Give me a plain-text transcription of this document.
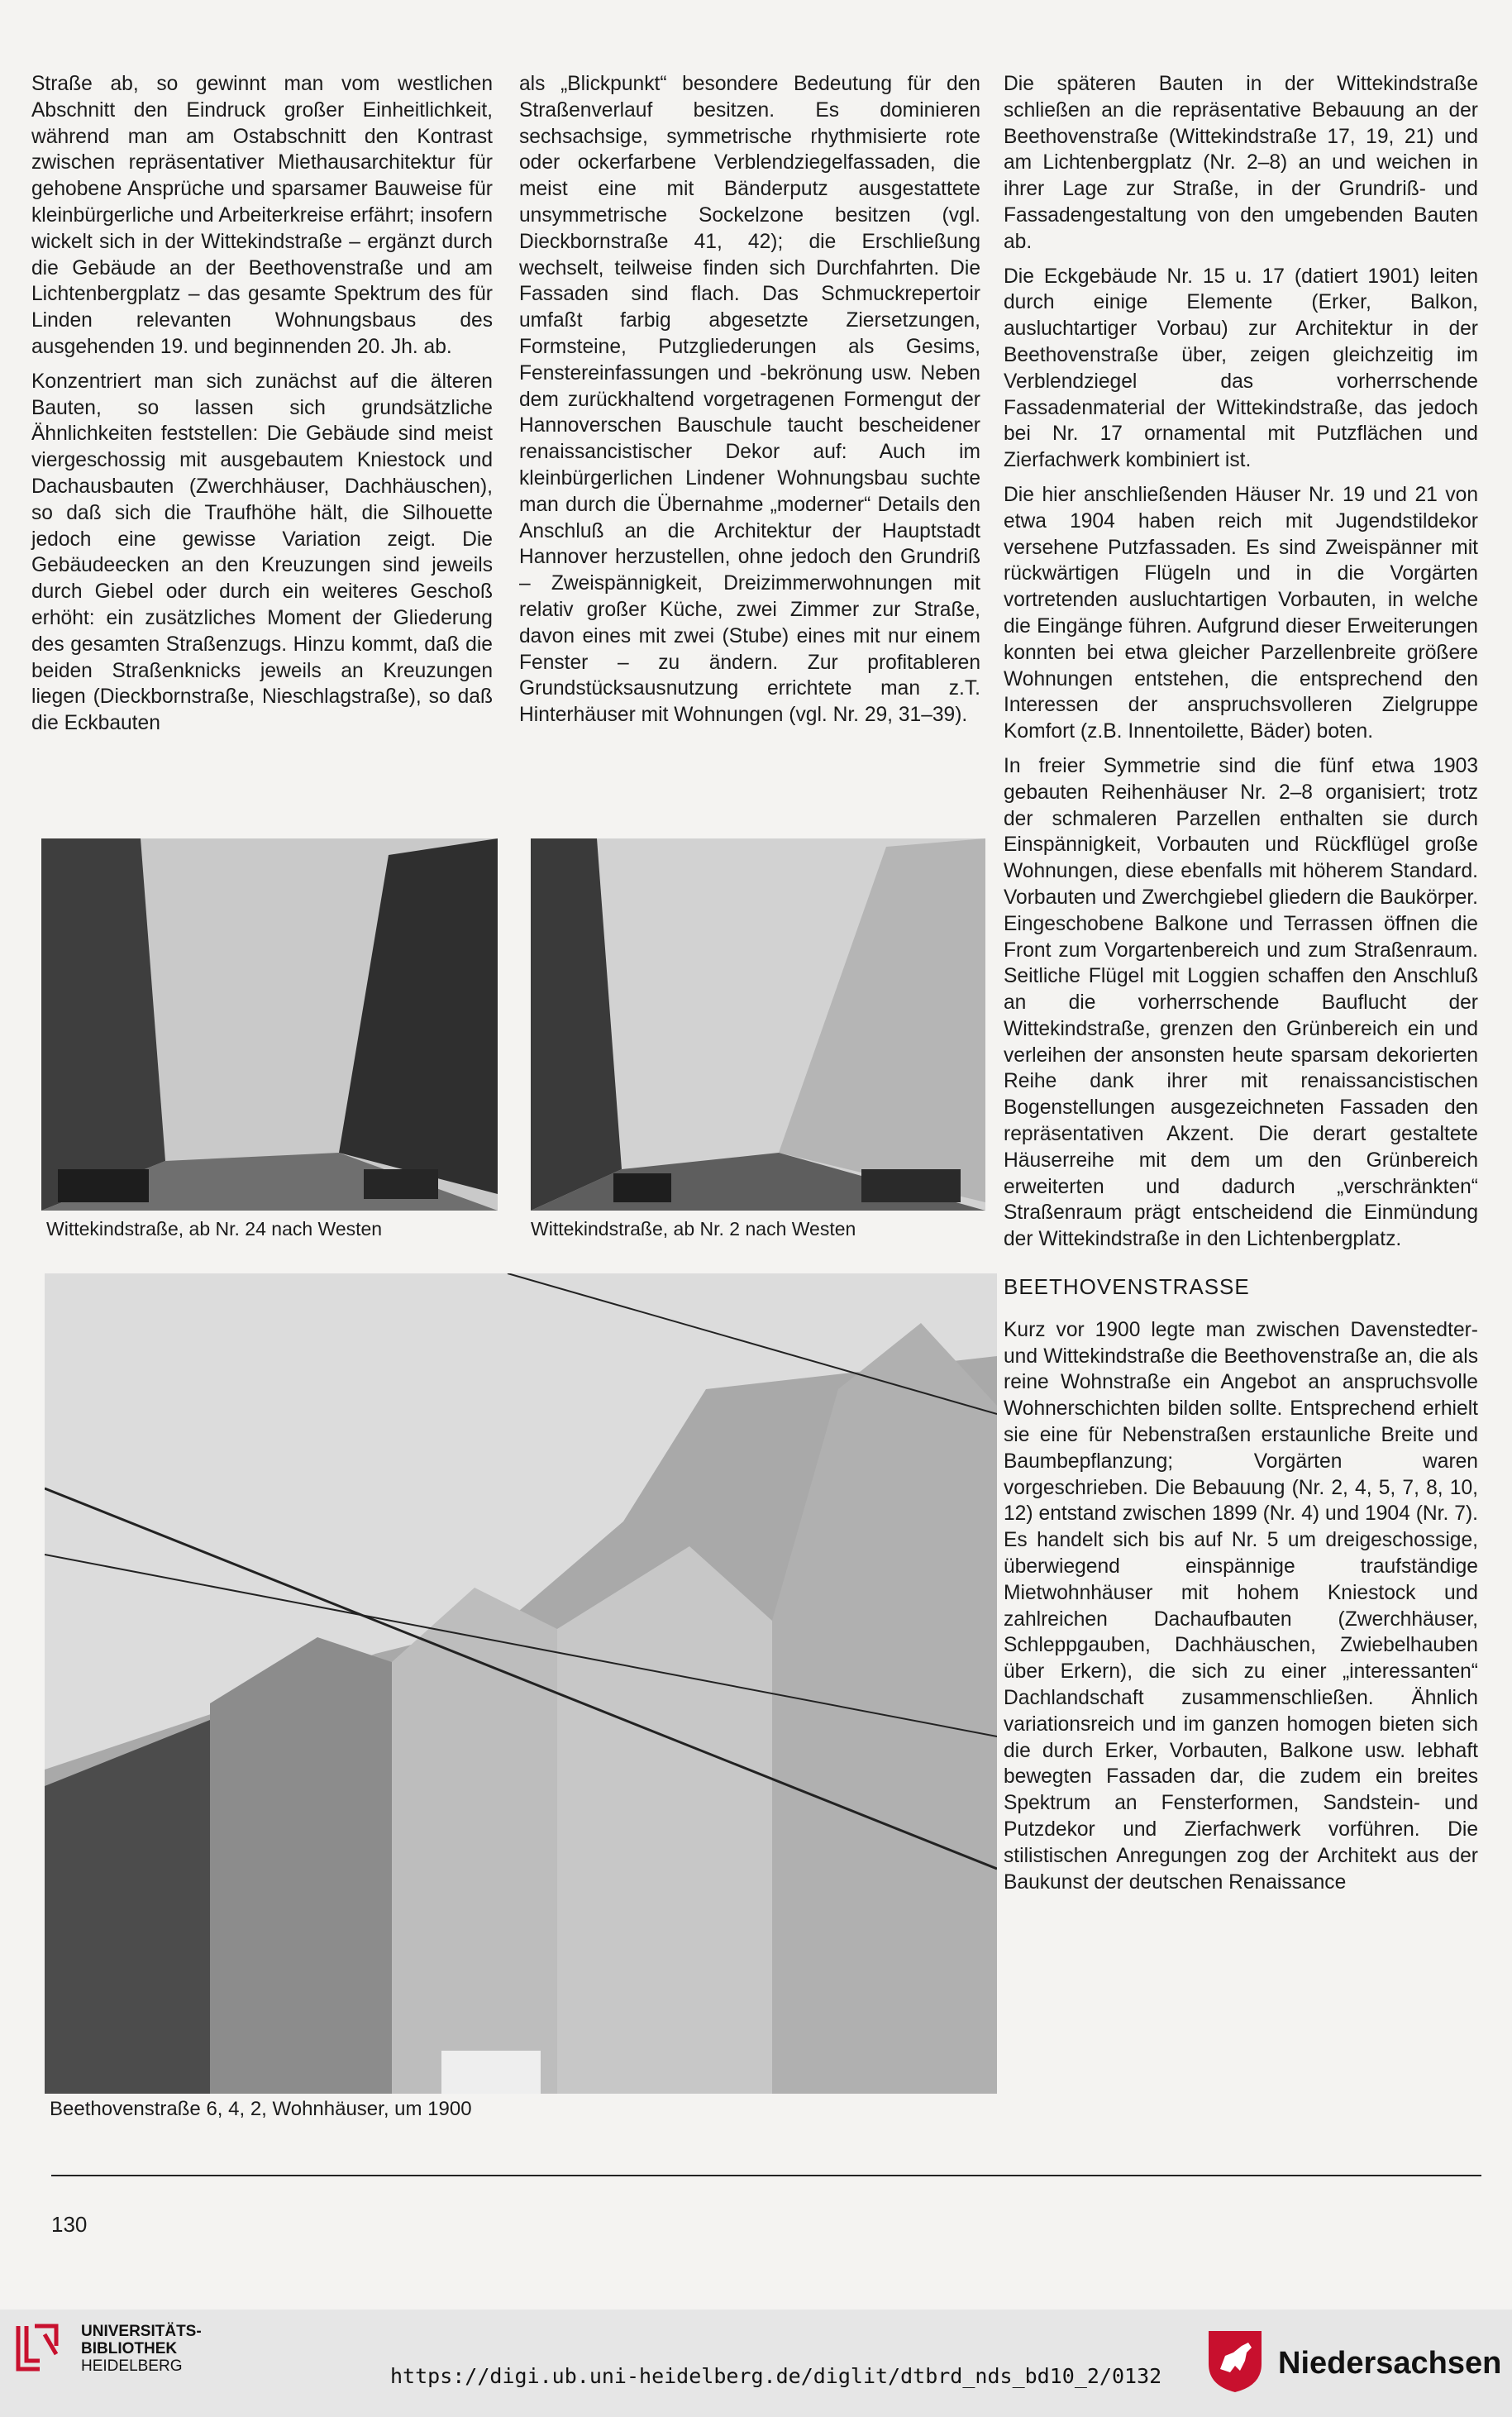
Straße ab, so gewinnt man vom westlichen Abschnitt den Eindruck großer Einheitlichkeit, während man am Ostabschnitt den Kontrast zwischen repräsentativer Miethausarchitektur für gehobene Ansprüche und sparsamer Bauweise für kleinbürgerliche und Arbeiterkreise erfährt; insofern wickelt sich in der Wittekindstraße – ergänzt durch die Gebäude an der Beethovenstraße und am Lichtenbergplatz – das gesamte Spektrum des für Linden relevanten Wohnungsbaus des ausgehenden 19. und beginnenden 20. Jh. ab.

Konzentriert man sich zunächst auf die älteren Bauten, so lassen sich grundsätzliche Ähnlichkeiten feststellen: Die Gebäude sind meist viergeschossig mit ausgebautem Kniestock und Dachausbauten (Zwerchhäuser, Dachhäuschen), so daß sich die Traufhöhe hält, die Silhouette jedoch eine gewisse Variation zeigt. Die Gebäudeecken an den Kreuzungen sind jeweils durch Giebel oder durch ein weiteres Geschoß erhöht: ein zusätzliches Moment der Gliederung des gesamten Straßenzugs. Hinzu kommt, daß die beiden Straßenknicks jeweils an Kreuzungen liegen (Dieckbornstraße, Nieschlagstraße), so daß die Eckbauten

als „Blickpunkt“ besondere Bedeutung für den Straßenverlauf besitzen. Es dominieren sechsachsige, symmetrische rhythmisierte rote oder ockerfarbene Verblendziegelfassaden, die meist eine mit Bänderputz ausgestattete unsymmetrische Sockelzone besitzen (vgl. Dieckbornstraße 41, 42); die Erschließung wechselt, teilweise finden sich Durchfahrten. Die Fassaden sind flach. Das Schmuckrepertoir umfaßt farbig abgesetzte Ziersetzungen, Formsteine, Putzgliederungen als Gesims, Fenstereinfassungen und -bekrönung usw. Neben dem zurückhaltend vorgetragenen Formengut der Hannoverschen Bauschule taucht bescheidener renaissancistischer Dekor auf: Auch im kleinbürgerlichen Lindener Wohnungsbau suchte man durch die Übernahme „moderner“ Details den Anschluß an die Architektur der Hauptstadt Hannover herzustellen, ohne jedoch den Grundriß – Zweispännigkeit, Dreizimmerwohnungen mit relativ großer Küche, zwei Zimmer zur Straße, davon eines mit zwei (Stube) eines mit nur einem Fenster – zu ändern. Zur profitableren Grundstücksausnutzung errichtete man z.T. Hinterhäuser mit Wohnungen (vgl. Nr. 29, 31–39).

Die späteren Bauten in der Wittekindstraße schließen an die repräsentative Bebauung an der Beethovenstraße (Wittekindstraße 17, 19, 21) und am Lichtenbergplatz (Nr. 2–8) an und weichen in ihrer Lage zur Straße, in der Grundriß- und Fassadengestaltung von den umgebenden Bauten ab.

Die Eckgebäude Nr. 15 u. 17 (datiert 1901) leiten durch einige Elemente (Erker, Balkon, ausluchtartiger Vorbau) zur Architektur in der Beethovenstraße über, zeigen gleichzeitig im Verblendziegel das vorherrschende Fassadenmaterial der Wittekindstraße, das jedoch bei Nr. 17 ornamental mit Putzflächen und Zierfachwerk kombiniert ist.

Die hier anschließenden Häuser Nr. 19 und 21 von etwa 1904 haben reich mit Jugendstildekor versehene Putzfassaden. Es sind Zweispänner mit rückwärtigen Flügeln und in die Vorgärten vortretenden ausluchtartigen Vorbauten, in welche die Eingänge führen. Aufgrund dieser Erweiterungen konnten bei etwa gleicher Parzellenbreite größere Wohnungen entstehen, die entsprechend den Interessen der anspruchsvolleren Zielgruppe Komfort (z.B. Innentoilette, Bäder) boten.

In freier Symmetrie sind die fünf etwa 1903 gebauten Reihenhäuser Nr. 2–8 organisiert; trotz der schmaleren Parzellen enthalten sie durch Einspännigkeit, Vorbauten und Rückflügel große Wohnungen, diese ebenfalls mit höherem Standard. Vorbauten und Zwerchgiebel gliedern die Baukörper. Eingeschobene Balkone und Terrassen öffnen die Front zum Vorgartenbereich und zum Straßenraum. Seitliche Flügel mit Loggien schaffen den Anschluß an die vorherrschende Bauflucht der Wittekindstraße, grenzen den Grünbereich ein und verleihen der ansonsten heute sparsam dekorierten Reihe dank ihrer mit renaissancistischen Bogenstellungen ausgezeichneten Fassaden den repräsentativen Akzent. Die derart gestaltete Häuserreihe mit dem um den Grünbereich erweiterten und dadurch „verschränkten“ Straßenraum prägt entscheidend die Einmündung der Wittekindstraße in den Lichtenbergplatz.

BEETHOVENSTRASSE

Kurz vor 1900 legte man zwischen Davenstedter- und Wittekindstraße die Beethovenstraße an, die als reine Wohnstraße ein Angebot an anspruchsvolle Wohnerschichten bilden sollte. Entsprechend erhielt sie eine für Nebenstraßen erstaunliche Breite und Baumbepflanzung; Vorgärten waren vorgeschrieben. Die Bebauung (Nr. 2, 4, 5, 7, 8, 10, 12) entstand zwischen 1899 (Nr. 4) und 1904 (Nr. 7). Es handelt sich bis auf Nr. 5 um dreigeschossige, überwiegend einspännige traufständige Mietwohnhäuser mit hohem Kniestock und zahlreichen Dachaufbauten (Zwerchhäuser, Schleppgauben, Dachhäuschen, Zwiebelhauben über Erkern), die sich zu einer „interessanten“ Dachlandschaft zusammenschließen. Ähnlich variationsreich und im ganzen homogen bieten sich die durch Erker, Vorbauten, Balkone usw. lebhaft bewegten Fassaden dar, die zudem ein breites Spektrum an Fensterformen, Sandstein- und Putzdekor und Zierfachwerk vorführen. Die stilistischen Anregungen zog der Architekt aus der Baukunst der deutschen Renaissance

Wittekindstraße, ab Nr. 24 nach Westen	Wittekindstraße, ab Nr. 2 nach Westen
Beethovenstraße 6, 4, 2, Wohnhäuser, um 1900
130
UNIVERSITÄTS-
BIBLIOTHEK
HEIDELBERG	https://digi.ub.uni-heidelberg.de/diglit/dtbrd_nds_bd10_2/0132	Niedersachsen
